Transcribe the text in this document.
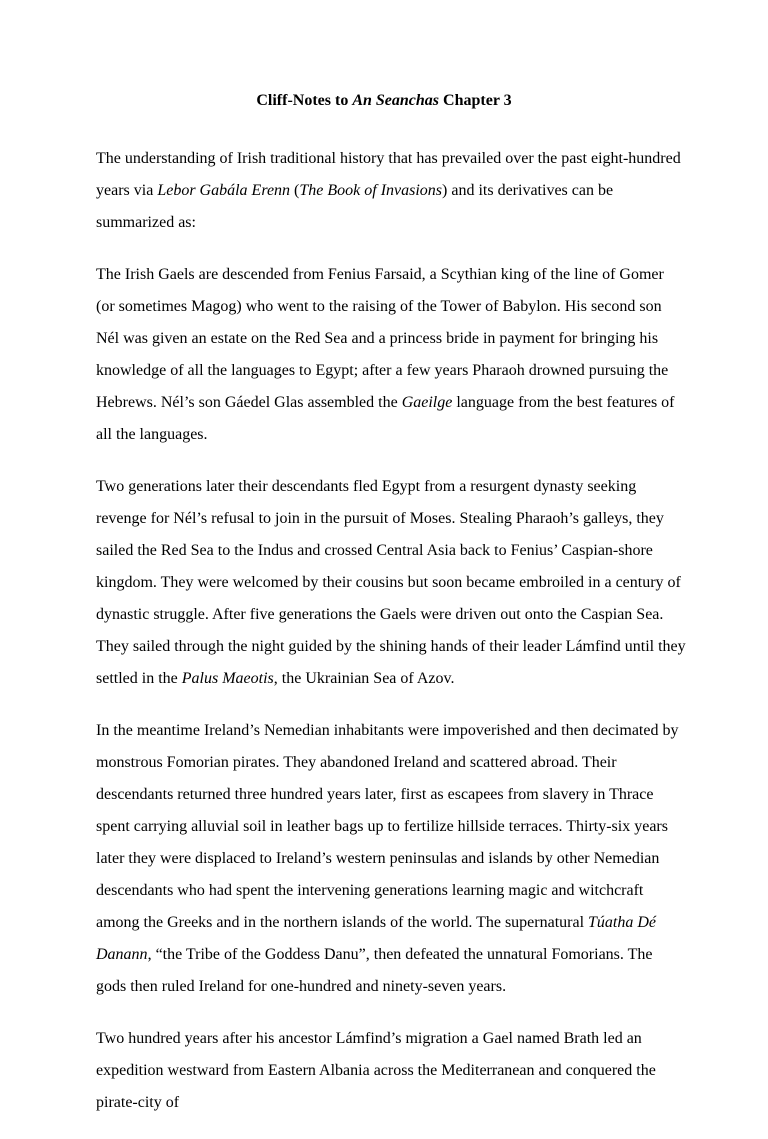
Cliff-Notes to An Seanchas Chapter 3

The understanding of Irish traditional history that has prevailed over the past eight-hundred years via Lebor Gabála Erenn (The Book of Invasions) and its derivatives can be summarized as:

The Irish Gaels are descended from Fenius Farsaid, a Scythian king of the line of Gomer (or sometimes Magog) who went to the raising of the Tower of Babylon. His second son Nél was given an estate on the Red Sea and a princess bride in payment for bringing his knowledge of all the languages to Egypt; after a few years Pharaoh drowned pursuing the Hebrews. Nél’s son Gáedel Glas assembled the Gaeilge language from the best features of all the languages.

Two generations later their descendants fled Egypt from a resurgent dynasty seeking revenge for Nél’s refusal to join in the pursuit of Moses. Stealing Pharaoh’s galleys, they sailed the Red Sea to the Indus and crossed Central Asia back to Fenius’ Caspian-shore kingdom. They were welcomed by their cousins but soon became embroiled in a century of dynastic struggle. After five generations the Gaels were driven out onto the Caspian Sea. They sailed through the night guided by the shining hands of their leader Lámfind until they settled in the Palus Maeotis, the Ukrainian Sea of Azov.

In the meantime Ireland’s Nemedian inhabitants were impoverished and then decimated by monstrous Fomorian pirates. They abandoned Ireland and scattered abroad. Their descendants returned three hundred years later, first as escapees from slavery in Thrace spent carrying alluvial soil in leather bags up to fertilize hillside terraces. Thirty-six years later they were displaced to Ireland’s western peninsulas and islands by other Nemedian descendants who had spent the intervening generations learning magic and witchcraft among the Greeks and in the northern islands of the world. The supernatural Túatha Dé Danann, “the Tribe of the Goddess Danu”, then defeated the unnatural Fomorians. The gods then ruled Ireland for one-hundred and ninety-seven years.

Two hundred years after his ancestor Lámfind’s migration a Gael named Brath led an expedition westward from Eastern Albania across the Mediterranean and conquered the pirate-city of
